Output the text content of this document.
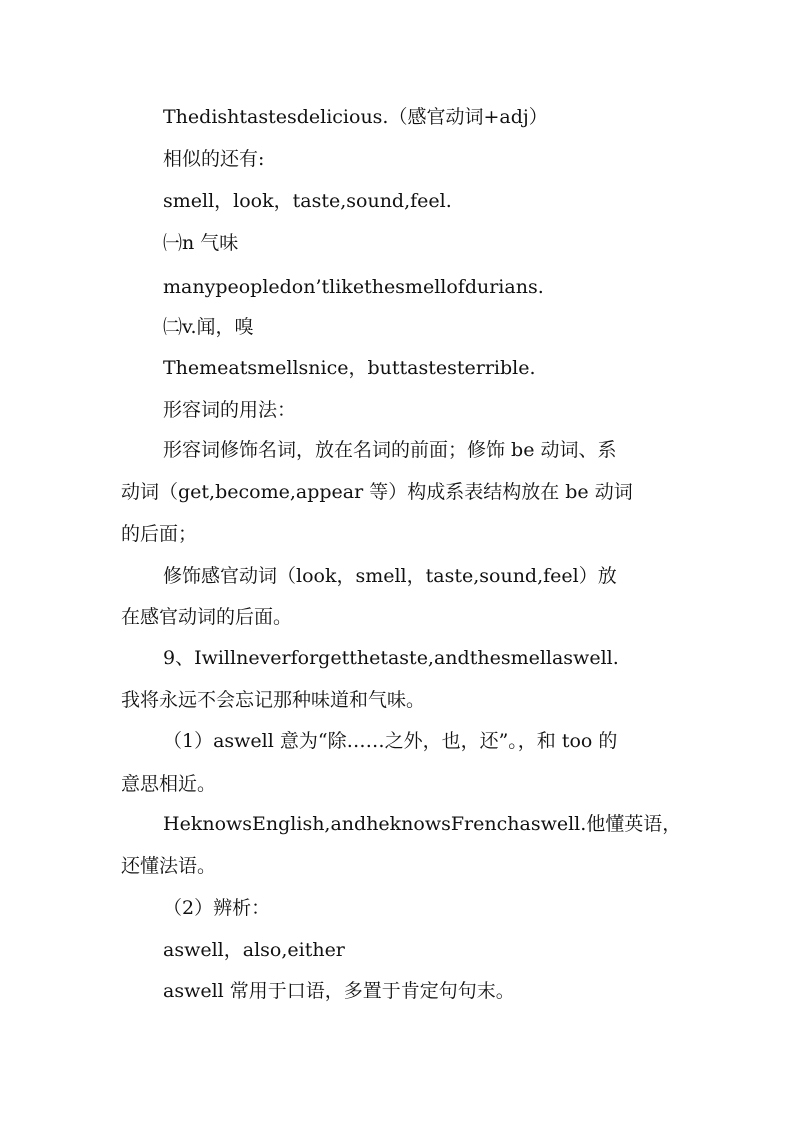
Thedishtastesdelicious.（感官动词+adj）
相似的还有:
smell，look，taste,sound,feel.
㈠n 气味
manypeopledon’tlikethesmellofdurians.
㈡v.闻，嗅
Themeatsmellsnice，buttastesterrible.
形容词的用法：
形容词修饰名词，放在名词的前面；修饰 be 动词、系
动词（get,become,appear 等）构成系表结构放在 be 动词
的后面；
修饰感官动词（look，smell，taste,sound,feel）放
在感官动词的后面。
9、Iwillneverforgetthetaste,andthesmellaswell.
我将永远不会忘记那种味道和气味。
（1）aswell 意为“除……之外，也，还”。，和 too 的
意思相近。
HeknowsEnglish,andheknowsFrenchaswell.他懂英语，
还懂法语。
（2）辨析：
aswell，also,either
aswell 常用于口语，多置于肯定句句末。
